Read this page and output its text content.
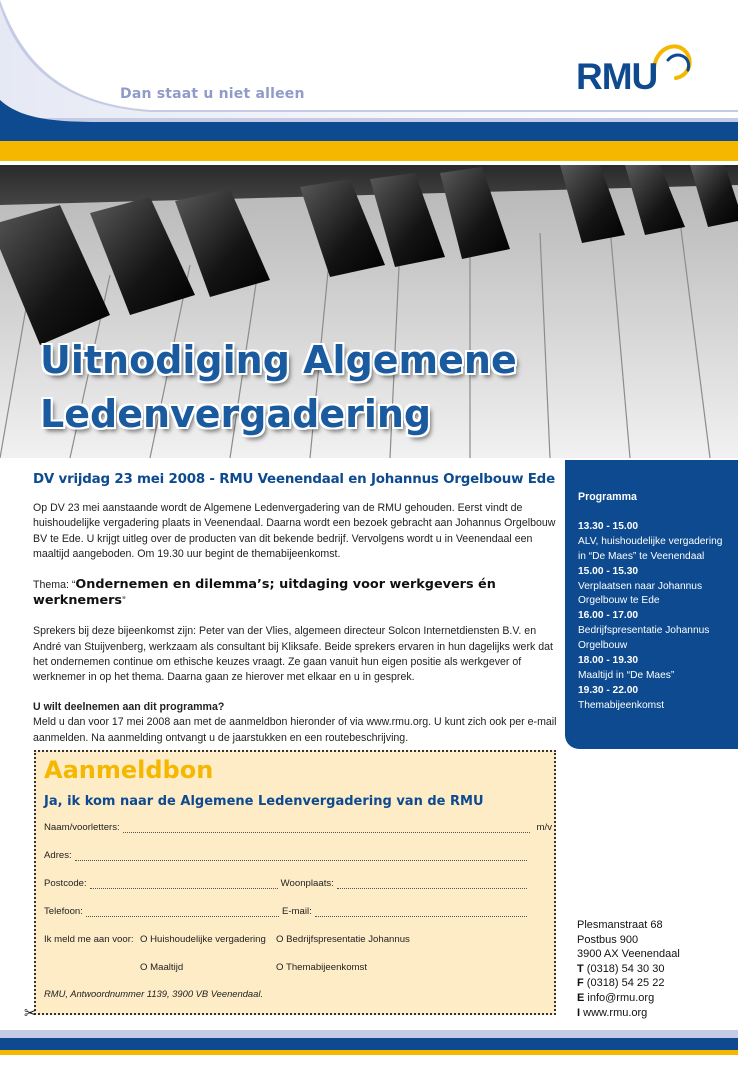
Dan staat u niet alleen	RMU
Uitnodiging Algemene
Ledenvergadering
DV vrijdag 23 mei 2008 - RMU Veenendaal en Johannus Orgelbouw Ede

Op DV 23 mei aanstaande wordt de Algemene Ledenvergadering van de RMU gehouden. Eerst vindt de huishoudelijke vergadering plaats in Veenendaal. Daarna wordt een bezoek gebracht aan Johannus Orgelbouw BV te Ede. U krijgt uitleg over de producten van dit bekende bedrijf. Vervolgens wordt u in Veenendaal een maaltijd aangeboden. Om 19.30 uur begint de themabijeenkomst.

Thema: “Ondernemen en dilemma’s; uitdaging voor werkgevers én werknemers”

Sprekers bij deze bijeenkomst zijn: Peter van der Vlies, algemeen directeur Solcon Internetdiensten B.V. en André van Stuijvenberg, werkzaam als consultant bij Kliksafe. Beide sprekers ervaren in hun dagelijks werk dat het ondernemen continue om ethische keuzes vraagt. Ze gaan vanuit hun eigen positie als werkgever of werknemer in op het thema. Daarna gaan ze hierover met elkaar en u in gesprek.

U wilt deelnemen aan dit programma?
Meld u dan voor 17 mei 2008 aan met de aanmeldbon hieronder of via www.rmu.org. U kunt zich ook per e-mail aanmelden. Na aanmelding ontvangt u de jaarstukken en een routebeschrijving.
Programma
13.30 - 15.00
ALV, huishoudelijke vergadering in “De Maes” te Veenendaal
15.00 - 15.30
Verplaatsen naar Johannus Orgelbouw te Ede
16.00 - 17.00
Bedrijfspresentatie Johannus Orgelbouw
18.00 - 19.30
Maaltijd in “De Maes”
19.30 - 22.00
Themabijeenkomst
Aanmeldbon
Ja, ik kom naar de Algemene Ledenvergadering van de RMU
Naam/voorletters:	m/v
Adres:
Postcode:	Woonplaats:
Telefoon:	E-mail:
Ik meld me aan voor: O Huishoudelijke vergadering O Bedrijfspresentatie Johannus
O Maaltijd	O Themabijeenkomst
RMU, Antwoordnummer 1139, 3900 VB Veenendaal.
✂
Plesmanstraat 68
Postbus 900
3900 AX Veenendaal
T (0318) 54 30 30
F (0318) 54 25 22
E info@rmu.org
I www.rmu.org
